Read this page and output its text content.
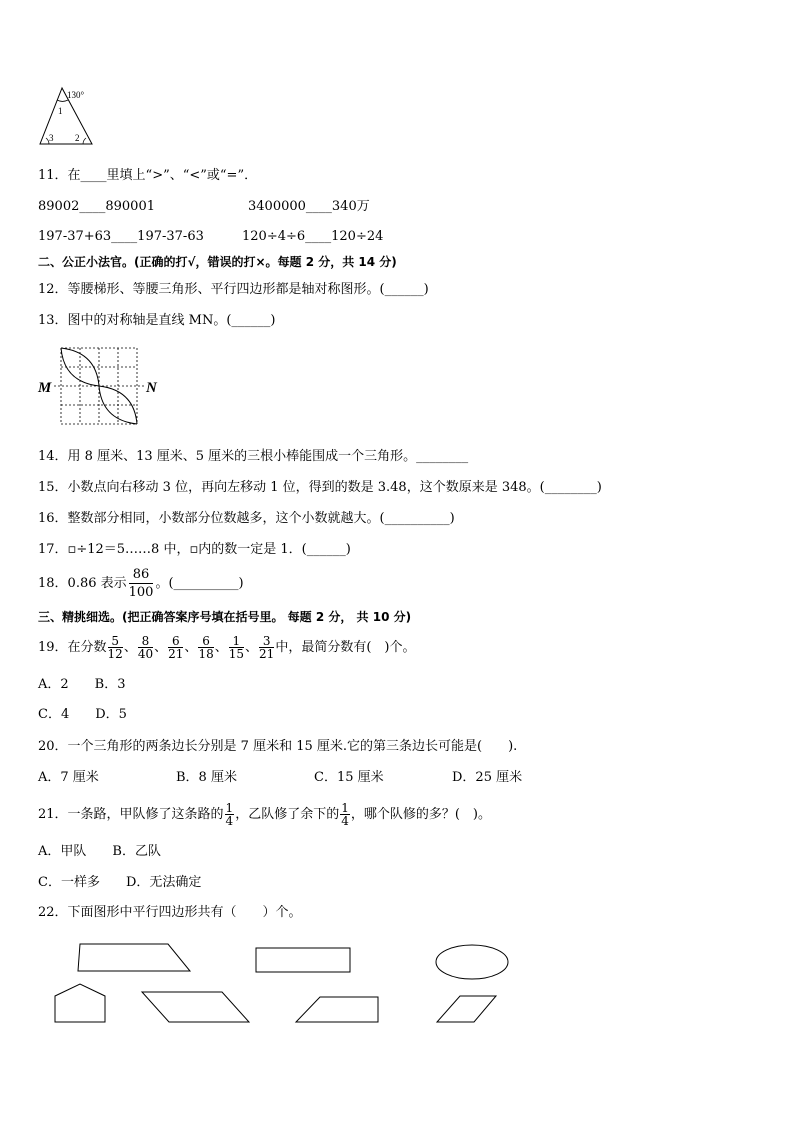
130°
1
3 2
11．在____里填上“>”、“<”或“=”．
89002____890001	3400000____340万
197-37+63____197-37-63	120÷4÷6____120÷24
二、公正小法官。(正确的打√，错误的打×。每题 2 分，共 14 分)
12．等腰梯形、等腰三角形、平行四边形都是轴对称图形。(______)
13．图中的对称轴是直线 MN。(______)
M	N
14．用 8 厘米、13 厘米、5 厘米的三根小棒能围成一个三角形。________
15．小数点向右移动 3 位，再向左移动 1 位，得到的数是 3.48，这个数原来是 348。(________)
16．整数部分相同，小数部分位数越多，这个小数就越大。(__________)
17．▫÷12＝5……8 中，▫内的数一定是 1．(______)
18．0.86 表示 $\frac{86}{100}$ 。(__________)
三、精挑细选。(把正确答案序号填在括号里。 每题 2 分， 共 10 分)
19．在分数 $\frac{5}{12}$ 、 $\frac{8}{40}$ 、 $\frac{6}{21}$ 、 $\frac{6}{18}$ 、 $\frac{1}{15}$ 、 $\frac{3}{21}$ 中，最简分数有(　)个。
A．2　　B．3
C．4　　D．5
20．一个三角形的两条边长分别是 7 厘米和 15 厘米.它的第三条边长可能是(　　).
A．7 厘米	B．8 厘米	C．15 厘米	D．25 厘米
21．一条路，甲队修了这条路的 $\frac{1}{4}$ ，乙队修了余下的 $\frac{1}{4}$ ，哪个队修的多？(　)。
A．甲队　　B．乙队
C．一样多　　D．无法确定
22．下面图形中平行四边形共有（　　）个。
